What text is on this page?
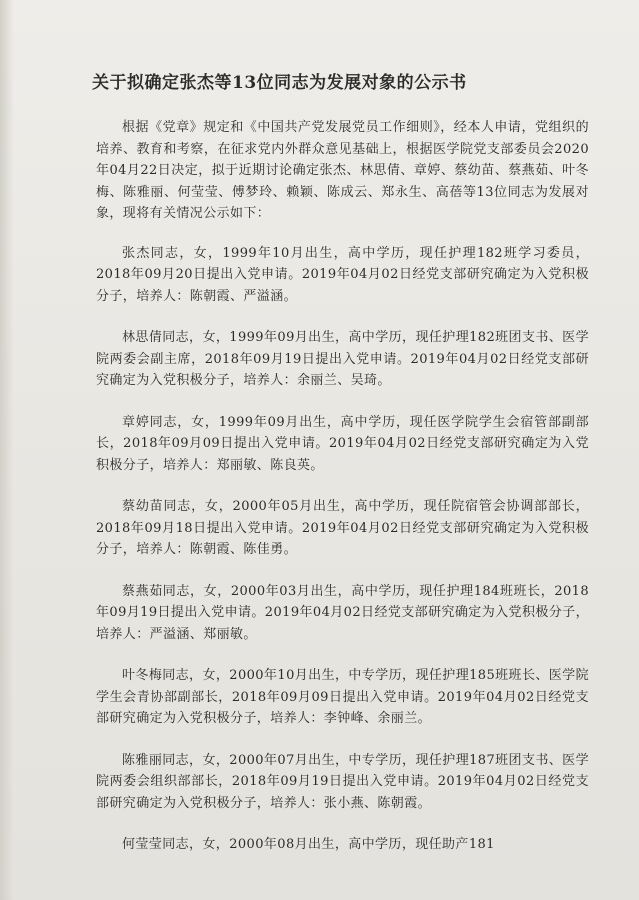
关于拟确定张杰等13位同志为发展对象的公示书

根据《党章》规定和《中国共产党发展党员工作细则》，经本人申请，党组织的培养、教育和考察，在征求党内外群众意见基础上，根据医学院党支部委员会2020年04月22日决定，拟于近期讨论确定张杰、林思倩、章婷、蔡幼苗、蔡燕茹、叶冬梅、陈雅丽、何莹莹、傅梦玲、赖颖、陈成云、郑永生、高蓓等13位同志为发展对象，现将有关情况公示如下：

张杰同志，女，1999年10月出生，高中学历，现任护理182班学习委员，2018年09月20日提出入党申请。2019年04月02日经党支部研究确定为入党积极分子，培养人：陈朝霞、严溢涵。

林思倩同志，女，1999年09月出生，高中学历，现任护理182班团支书、医学院两委会副主席，2018年09月19日提出入党申请。2019年04月02日经党支部研究确定为入党积极分子，培养人：余丽兰、吴琦。

章婷同志，女，1999年09月出生，高中学历，现任医学院学生会宿管部副部长，2018年09月09日提出入党申请。2019年04月02日经党支部研究确定为入党积极分子，培养人：郑丽敏、陈良英。

蔡幼苗同志，女，2000年05月出生，高中学历，现任院宿管会协调部部长，2018年09月18日提出入党申请。2019年04月02日经党支部研究确定为入党积极分子，培养人：陈朝霞、陈佳勇。

蔡燕茹同志，女，2000年03月出生，高中学历，现任护理184班班长，2018年09月19日提出入党申请。2019年04月02日经党支部研究确定为入党积极分子，培养人：严溢涵、郑丽敏。

叶冬梅同志，女，2000年10月出生，中专学历，现任护理185班班长、医学院学生会青协部副部长，2018年09月09日提出入党申请。2019年04月02日经党支部研究确定为入党积极分子，培养人：李钟峰、余丽兰。

陈雅丽同志，女，2000年07月出生，中专学历，现任护理187班团支书、医学院两委会组织部部长，2018年09月19日提出入党申请。2019年04月02日经党支部研究确定为入党积极分子，培养人：张小燕、陈朝霞。

何莹莹同志，女，2000年08月出生，高中学历，现任助产181
